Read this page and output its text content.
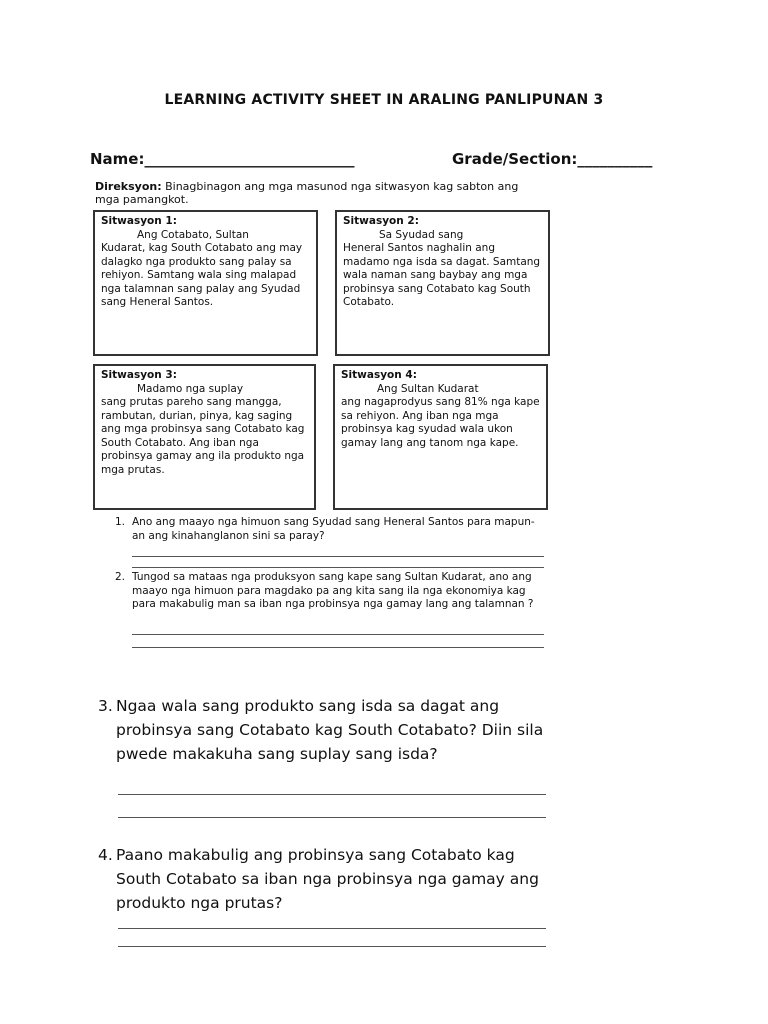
LEARNING ACTIVITY SHEET IN ARALING PANLIPUNAN 3
Name:____________________________	Grade/Section:__________
Direksyon: Binagbinagon ang mga masunod nga sitwasyon kag sabton ang mga pamangkot.
Sitwasyon 1:
Ang Cotabato, Sultan
Kudarat, kag South Cotabato ang may dalagko nga produkto sang palay sa rehiyon. Samtang wala sing malapad nga talamnan sang palay ang Syudad sang Heneral Santos.
Sitwasyon 2:
Sa Syudad sang
Heneral Santos naghalin ang madamo nga isda sa dagat. Samtang wala naman sang baybay ang mga probinsya sang Cotabato kag South Cotabato.
Sitwasyon 3:
Madamo nga suplay
sang prutas pareho sang mangga, rambutan, durian, pinya, kag saging ang mga probinsya sang Cotabato kag South Cotabato. Ang iban nga probinsya gamay ang ila produkto nga mga prutas.
Sitwasyon 4:
Ang Sultan Kudarat
ang nagaprodyus sang 81% nga kape sa rehiyon. Ang iban nga mga probinsya kag syudad wala ukon gamay lang ang tanom nga kape.
1. Ano ang maayo nga himuon sang Syudad sang Heneral Santos para mapun-an ang kinahanglanon sini sa paray?
2. Tungod sa mataas nga produksyon sang kape sang Sultan Kudarat, ano ang maayo nga himuon para magdako pa ang kita sang ila nga ekonomiya kag para makabulig man sa iban nga probinsya nga gamay lang ang talamnan ?
3. Ngaa wala sang produkto sang isda sa dagat ang probinsya sang Cotabato kag South Cotabato? Diin sila pwede makakuha sang suplay sang isda?
4. Paano makabulig ang probinsya sang Cotabato kag South Cotabato sa iban nga probinsya nga gamay ang produkto nga prutas?
